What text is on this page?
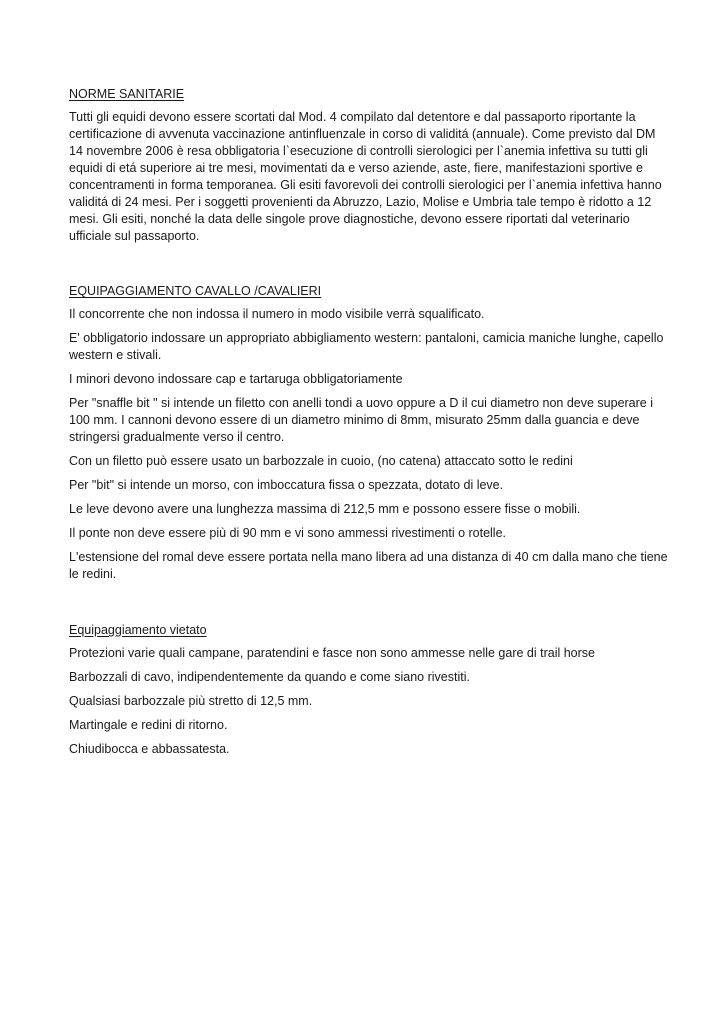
NORME SANITARIE

Tutti gli equidi devono essere scortati dal Mod. 4 compilato dal detentore e dal passaporto riportante la certificazione di avvenuta vaccinazione antinfluenzale in corso di validitá (annuale). Come previsto dal DM 14 novembre 2006 è resa obbligatoria l`esecuzione di controlli sierologici per l`anemia infettiva su tutti gli equidi di etá superiore ai tre mesi, movimentati da e verso aziende, aste, fiere, manifestazioni sportive e concentramenti in forma temporanea. Gli esiti favorevoli dei controlli sierologici per l`anemia infettiva hanno validitá di 24 mesi. Per i soggetti provenienti da Abruzzo, Lazio, Molise e Umbria tale tempo è ridotto a 12 mesi. Gli esiti, nonché la data delle singole prove diagnostiche, devono essere riportati dal veterinario ufficiale sul passaporto.

EQUIPAGGIAMENTO CAVALLO /CAVALIERI

Il concorrente che non indossa il numero in modo visibile verrà squalificato.

E' obbligatorio indossare un appropriato abbigliamento western: pantaloni, camicia maniche lunghe, capello western e stivali.

I minori devono indossare cap e tartaruga obbligatoriamente

Per "snaffle bit " si intende un filetto con anelli tondi a uovo oppure a D il cui diametro non deve superare i 100 mm. I cannoni devono essere di un diametro minimo di 8mm, misurato 25mm dalla guancia e deve stringersi gradualmente verso il centro.

Con un filetto può essere usato un barbozzale in cuoio, (no catena) attaccato sotto le redini

Per "bit" si intende un morso, con imboccatura fissa o spezzata, dotato di leve.

Le leve devono avere una lunghezza massima di 212,5 mm e possono essere fisse o mobili.

Il ponte non deve essere più di 90 mm e vi sono ammessi rivestimenti o rotelle.

L'estensione del romal deve essere portata nella mano libera ad una distanza di 40 cm dalla mano che tiene le redini.

Equipaggiamento vietato

Protezioni varie quali campane, paratendini e fasce non sono ammesse nelle gare di trail horse

Barbozzali di cavo, indipendentemente da quando e come siano rivestiti.

Qualsiasi barbozzale più stretto di 12,5 mm.

Martingale e redini di ritorno.

Chiudibocca e abbassatesta.
